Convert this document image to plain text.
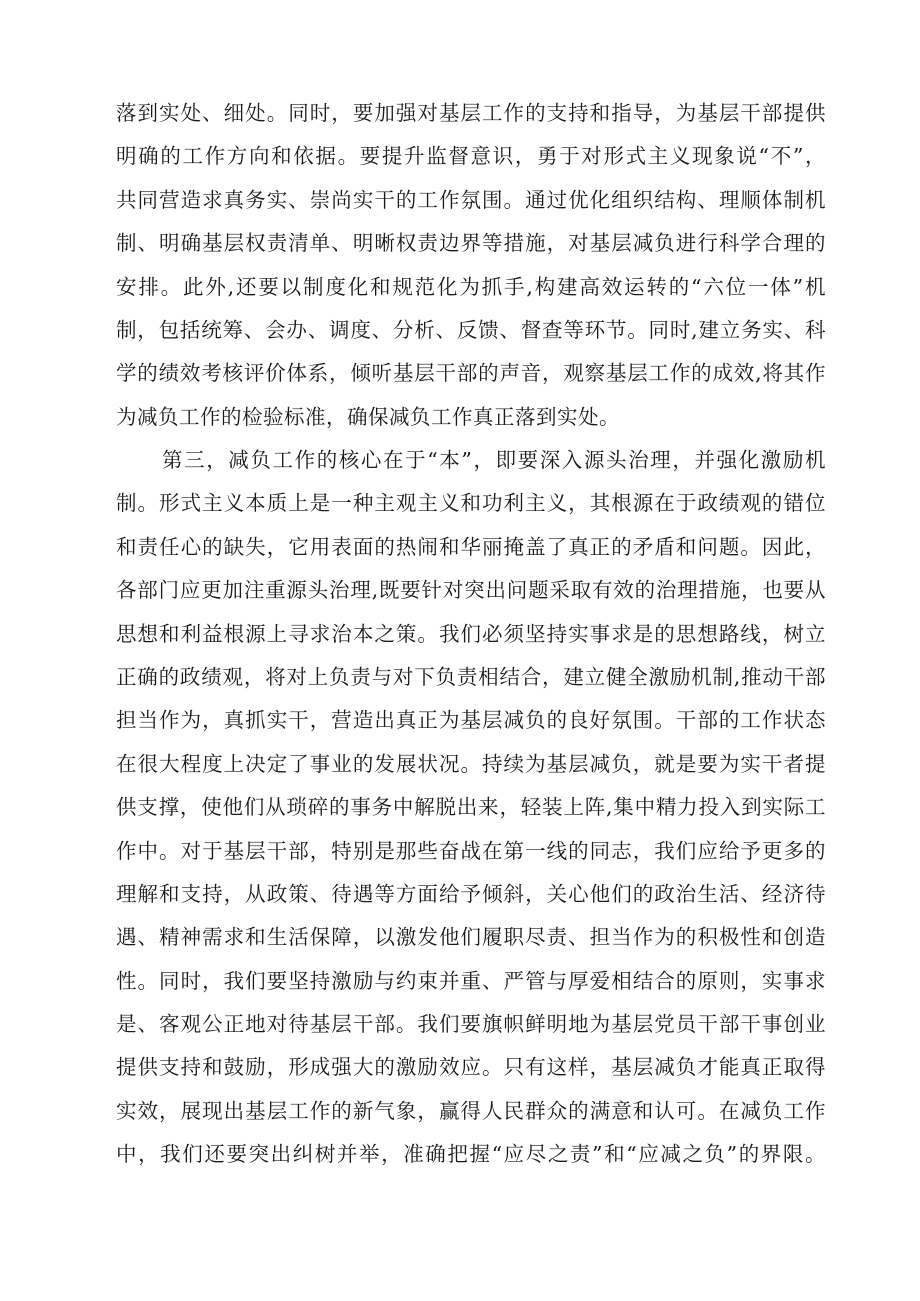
落到实处、细处。同时，要加强对基层工作的支持和指导，为基层干部提供
明确的工作方向和依据。要提升监督意识，勇于对形式主义现象说“不”，
共同营造求真务实、崇尚实干的工作氛围。通过优化组织结构、理顺体制机
制、明确基层权责清单、明晰权责边界等措施，对基层减负进行科学合理的
安排。此外,还要以制度化和规范化为抓手,构建高效运转的“六位一体”机
制，包括统筹、会办、调度、分析、反馈、督查等环节。同时,建立务实、科
学的绩效考核评价体系，倾听基层干部的声音，观察基层工作的成效,将其作
为减负工作的检验标准，确保减负工作真正落到实处。
第三，减负工作的核心在于“本”，即要深入源头治理，并强化激励机
制。形式主义本质上是一种主观主义和功利主义，其根源在于政绩观的错位
和责任心的缺失，它用表面的热闹和华丽掩盖了真正的矛盾和问题。因此，
各部门应更加注重源头治理,既要针对突出问题采取有效的治理措施，也要从
思想和利益根源上寻求治本之策。我们必须坚持实事求是的思想路线，树立
正确的政绩观，将对上负责与对下负责相结合，建立健全激励机制,推动干部
担当作为，真抓实干，营造出真正为基层减负的良好氛围。干部的工作状态
在很大程度上决定了事业的发展状况。持续为基层减负，就是要为实干者提
供支撑，使他们从琐碎的事务中解脱出来，轻装上阵,集中精力投入到实际工
作中。对于基层干部，特别是那些奋战在第一线的同志，我们应给予更多的
理解和支持，从政策、待遇等方面给予倾斜，关心他们的政治生活、经济待
遇、精神需求和生活保障，以激发他们履职尽责、担当作为的积极性和创造
性。同时，我们要坚持激励与约束并重、严管与厚爱相结合的原则，实事求
是、客观公正地对待基层干部。我们要旗帜鲜明地为基层党员干部干事创业
提供支持和鼓励，形成强大的激励效应。只有这样，基层减负才能真正取得
实效，展现出基层工作的新气象，赢得人民群众的满意和认可。在减负工作
中，我们还要突出纠树并举，准确把握“应尽之责”和“应减之负”的界限。
